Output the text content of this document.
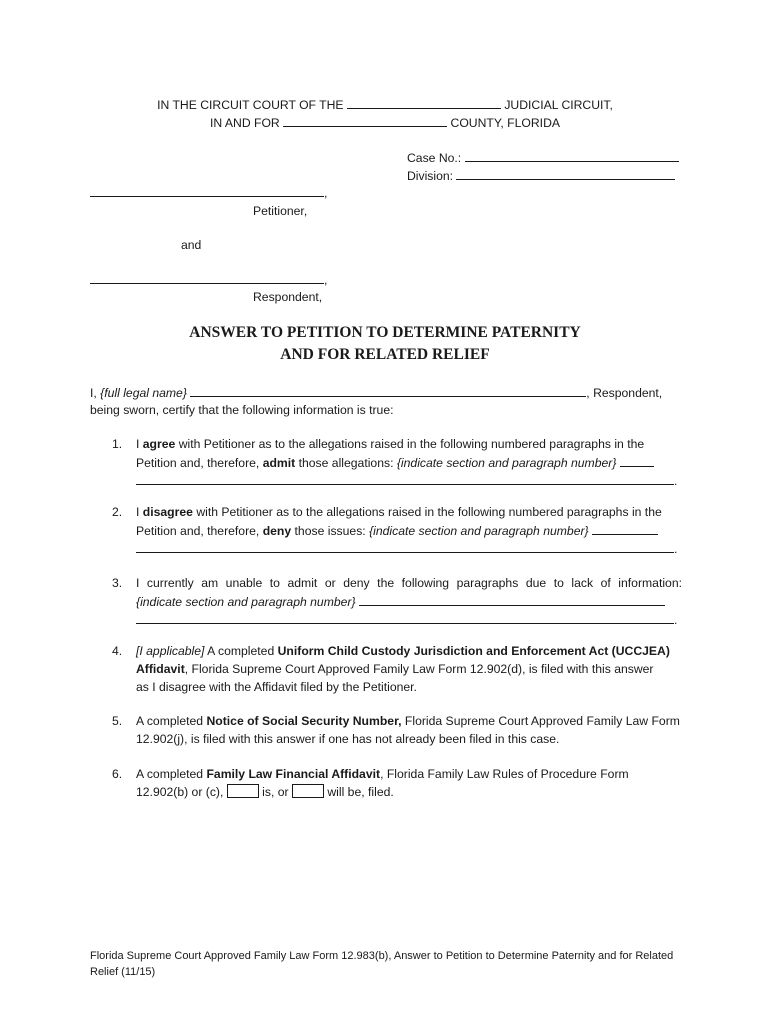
IN THE CIRCUIT COURT OF THE	JUDICIAL CIRCUIT,
IN AND FOR	COUNTY, FLORIDA
Case No.:
Division:
,
Petitioner,
and
,
Respondent,
ANSWER TO PETITION TO DETERMINE PATERNITY
AND FOR RELATED RELIEF
I, {full legal name}	, Respondent,
being sworn, certify that the following information is true:
1. I agree with Petitioner as to the allegations raised in the following numbered paragraphs in the
Petition and, therefore, admit those allegations: {indicate section and paragraph number}
.
2. I disagree with Petitioner as to the allegations raised in the following numbered paragraphs in the
Petition and, therefore, deny those issues: {indicate section and paragraph number}
.
3. I currently am unable to admit or deny the following paragraphs due to lack of information:
{indicate section and paragraph number}
.
4. [I applicable] A completed Uniform Child Custody Jurisdiction and Enforcement Act (UCCJEA)
Affidavit, Florida Supreme Court Approved Family Law Form 12.902(d), is filed with this answer
as I disagree with the Affidavit filed by the Petitioner.
5. A completed Notice of Social Security Number, Florida Supreme Court Approved Family Law Form
12.902(j), is filed with this answer if one has not already been filed in this case.
6. A completed Family Law Financial Affidavit, Florida Family Law Rules of Procedure Form
12.902(b) or (c),	is, or	will be, filed.
Florida Supreme Court Approved Family Law Form 12.983(b), Answer to Petition to Determine Paternity and for Related Relief (11/15)
